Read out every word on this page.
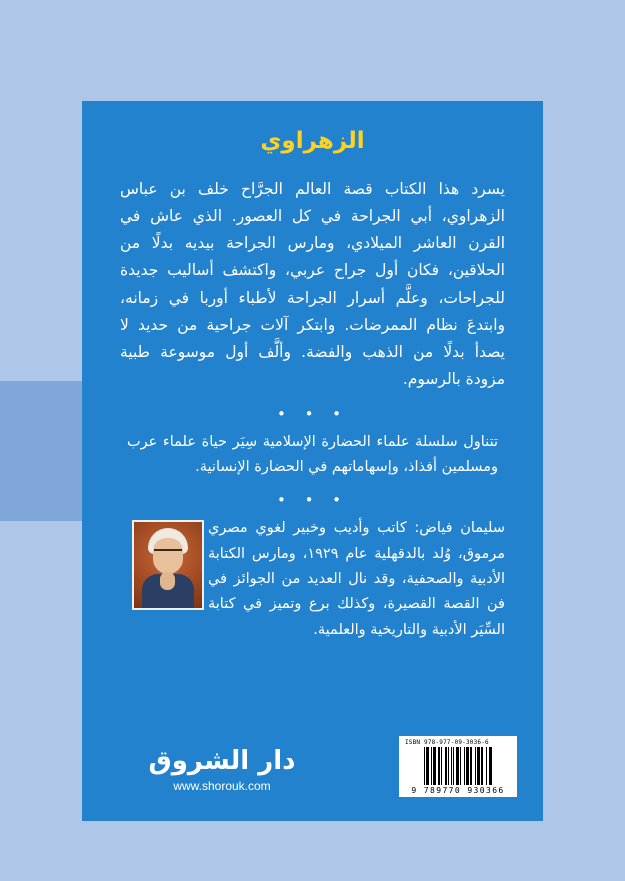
الزهراوي
يسرد هذا الكتاب قصة العالم الجرَّاح خلف بن عباس الزهراوي، أبي الجراحة في كل العصور. الذي عاش في القرن العاشر الميلادي، ومارس الجراحة بيديه بدلًا من الحلاقين، فكان أول جراح عربي، واكتشف أساليب جديدة للجراحات، وعلَّم أسرار الجراحة لأطباء أوربا في زمانه، وابتدعَ نظام الممرضات. وابتكر آلات جراحية من حديد لا يصدأ بدلًا من الذهب والفضة. وألَّف أول موسوعة طبية مزودة بالرسوم.
• • •
تتناول سلسلة علماء الحضارة الإسلامية سِيَر حياة علماء عرب ومسلمين أفذاذ، وإسهاماتهم في الحضارة الإنسانية.
• • •
سليمان فياض: كاتب وأديب وخبير لغوي مصري مرموق، وُلد بالدقهلية عام ١٩٢٩، ومارس الكتابة الأدبية والصحفية، وقد نال العديد من الجوائز في فن القصة القصيرة، وكذلك برع وتميز في كتابة السِّيَر الأدبية والتاريخية والعلمية.
ISBN 978-977-09-3036-6
9 789770 930366
دار الشروق
www.shorouk.com
